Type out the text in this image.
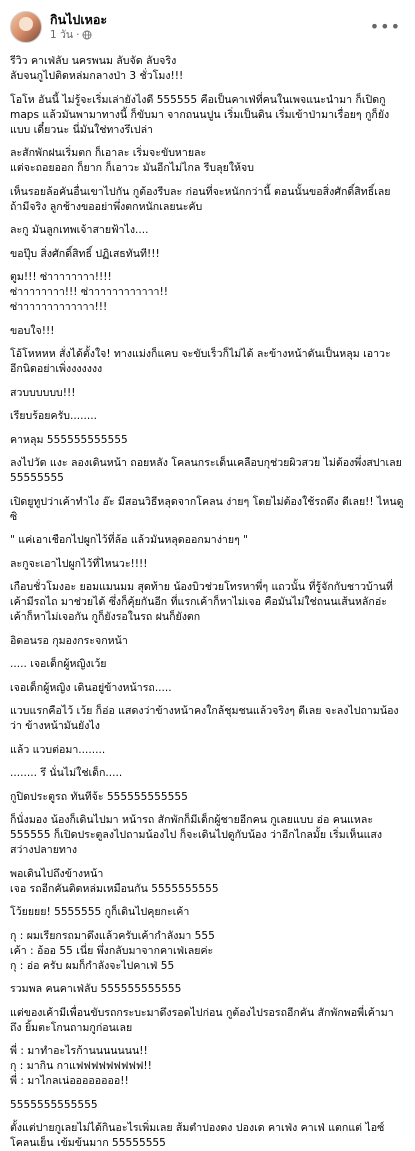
กินไปเหอะ
1 วัน ·	•••

รีวิว คาเฟ่ลับ นครพนม ลับจัด ลับจริง
ลับจนกูไปติดหล่มกลางป่า 3 ชั่วโมง!!!

โอโห อันนี้ ไม่รู้จะเริ่มเล่ายังไงดี 555555 คือเป็นคาเฟ่ที่คนในเพจแนะนำมา ก็เปิดกู maps แล้วมันพามาทางนี้ ก็ขับมา จากถนนปูน เริ่มเป็นดิน เริ่มเข้าป่ามาเรื่อยๆ กูก็ยังแบบ เดี๋ยวนะ นี่มันใช่ทางรึเปล่า

ละสักพักฝนเริ่มตก ก็เอาละ เริ่มจะขับหายละ
แต่จะถอยออก ก็ยาก ก็เอาวะ มันอีกไม่ไกล รีบลุยให้จบ

เห็นรอยล้อคันอื่นเขาไปกัน กูต้องรีบละ ก่อนที่จะหนักกว่านี้ ตอนนั้นขอสิ่งศักดิ์สิทธิ์เลย ถ้ามีจริง ลูกช้างขออย่าพึ่งตกหนักเลยนะคับ

ละกู มันลูกเทพเจ้าสายฟ้าไง....

ขอปุ๊บ สิ่งศักดิ์สิทธิ์ ปฏิเสธทันที!!!

ตูม!!! ซ่าาาาาาาา!!!!
ซ่าาาาาาาา!!! ซ่าาาาาาาาาาาา!!
ซ่าาาาาาาาาาาาา!!!

ขอบใจ!!!

โอ้โหหหห สั่งได้ตั้งใจ! ทางแม่งก็แคบ จะขับเร็วก็ไม่ได้ ละข้างหน้าดันเป็นหลุม เอาวะ อีกนิดอย่าเพิ่งงงงงงง

สวบบบบบบ!!!

เรียบร้อยครับ........

คาหลุม 555555555555

ลงไปวัด แงะ ลองเดินหน้า ถอยหลัง โคลนกระเด็นเคลือบกุช่วยผิวสวย ไม่ต้องพึ่งสปาเลย 55555555

เปิดยูทูปว่าเค้าทำไง อ๊ะ มีสอนวิธีหลุดจากโคลน ง่ายๆ โดยไม่ต้องใช้รถดึง ดีเลย!! ไหนดูซิ

" แค่เอาเชือกไปผูกไว้ที่ล้อ แล้วมันหลุดออกมาง่ายๆ "

ละกูจะเอาไปผูกไว้ที่ไหนวะ!!!!

เกือบชั่วโมงอะ ยอมแมนมม สุดท้าย น้องบิวช่วยโทรหาพี่ๆ แถวนั้น ที่รู้จักกับชาวบ้านที่เค้ามีรถไถ มาช่วยได้ ซึ่งก็คุ้ยกันอีก ที่แรกเค้าก็หาไม่เจอ คือมันไม่ใช่ถนนเส้นหลักอ่ะ เค้าก็หาไม่เจอกัน กูก็ยังรอในรถ ฝนก็ยังตก

อิดอนรอ กุมองกระจกหน้า

..... เจอเด็กผู้หญิงเว้ย

เจอเด็กผู้หญิง เดินอยู่ข้างหน้ารถ.....

แวบแรกคือไว้ เว้ย ก็อ่อ แสดงว่าข้างหน้าคงใกล้ชุมชนแล้วจริงๆ ดีเลย จะลงไปถามน้องว่า ข้างหน้ามันยังไง

แล้ว แวบต่อมา........

........ รึ นั่นไม่ใช่เด็ก.....

กูปิดประตูรถ ทันทีจ้ะ 555555555555

ก็นั่งมอง น้องก็เดินไปมา หน้ารถ สักพักก็มีเด็กผู้ชายอีกคน กูเลยแบบ อ่อ คนแหละ 555555 ก็เปิดประตูลงไปถามน้องไป ก็จะเดินไปดูกับน้อง ว่าอีกไกลมั้ย เริ่มเห็นแสงสว่างปลายทาง

พอเดินไปถึงข้างหน้า
เจอ รถอีกคันติดหล่มเหมือนกัน 5555555555

โว้ยยยย! 5555555 กูก็เดินไปคุยกะเค้า

กุ : ผมเรียกรถมาดึงแล้วครับเค้ากำลังมา 555
เค้า : อ้ออ 55 เนี่ย พึ่งกลับมาจากคาเฟ่เลยค่ะ
กุ : อ่อ ครับ ผมก็กำลังจะไปคาเฟ่ 55

รวมพล คนคาเฟ่ลับ 555555555555

แต่ของเค้ามีเพื่อนขับรถกระบะมาดึงรอดไปก่อน กูต้องไปรอรถอีกคัน สักพักพอพี่เค้ามาถึง ยิ้มตะโกนถามกูก่อนเลย

พี่ : มาทำอะไรก้านนนนนนน!!
กุ : มากิน กาแฟฟฟฟฟฟฟฟฟ!!
พี่ : มาไกลเน่ออออออออ!!

5555555555555

ตั้งแต่ปายกูเลยไม่ได้กินอะไรเพิ่มเลย ส้มตำปองดง ปองเด คาเฟ่ง คาเฟ่ แตกแต่ ไอซ์โคลนเย็น เข้มข้นมาก 55555555
